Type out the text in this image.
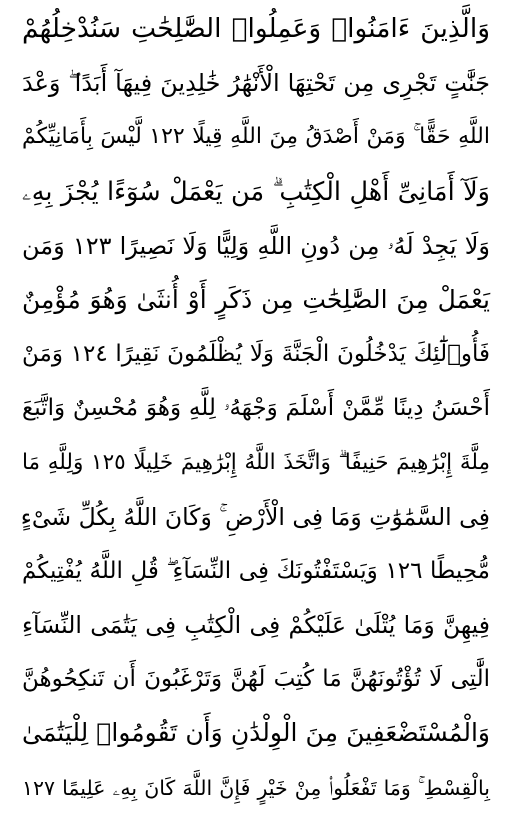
وَالَّذِينَ ءَامَنُوا۟ وَعَمِلُوا۟ الصَّٰلِحَٰتِ سَنُدْخِلُهُمْ
جَنَّٰتٍ تَجْرِى مِن تَحْتِهَا الْأَنْهَٰرُ خَٰلِدِينَ فِيهَآ أَبَدًا ۖ وَعْدَ
اللَّهِ حَقًّا ۚ وَمَنْ أَصْدَقُ مِنَ اللَّهِ قِيلًا ١٢٢ لَّيْسَ بِأَمَانِيِّكُمْ
وَلَآ أَمَانِىِّ أَهْلِ الْكِتَٰبِ ۗ مَن يَعْمَلْ سُوٓءًا يُجْزَ بِهِۦ
وَلَا يَجِدْ لَهُۥ مِن دُونِ اللَّهِ وَلِيًّا وَلَا نَصِيرًا ١٢٣ وَمَن
يَعْمَلْ مِنَ الصَّٰلِحَٰتِ مِن ذَكَرٍ أَوْ أُنثَىٰ وَهُوَ مُؤْمِنٌ
فَأُو۟لَٰٓئِكَ يَدْخُلُونَ الْجَنَّةَ وَلَا يُظْلَمُونَ نَقِيرًا ١٢٤ وَمَنْ
أَحْسَنُ دِينًا مِّمَّنْ أَسْلَمَ وَجْهَهُۥ لِلَّهِ وَهُوَ مُحْسِنٌ وَاتَّبَعَ
مِلَّةَ إِبْرَٰهِيمَ حَنِيفًا ۗ وَاتَّخَذَ اللَّهُ إِبْرَٰهِيمَ خَلِيلًا ١٢٥ وَلِلَّهِ مَا
فِى السَّمَٰوَٰتِ وَمَا فِى الْأَرْضِ ۚ وَكَانَ اللَّهُ بِكُلِّ شَىْءٍ
مُّحِيطًا ١٢٦ وَيَسْتَفْتُونَكَ فِى النِّسَآءِ ۖ قُلِ اللَّهُ يُفْتِيكُمْ
فِيهِنَّ وَمَا يُتْلَىٰ عَلَيْكُمْ فِى الْكِتَٰبِ فِى يَتَٰمَى النِّسَآءِ
الَّٰتِى لَا تُؤْتُونَهُنَّ مَا كُتِبَ لَهُنَّ وَتَرْغَبُونَ أَن تَنكِحُوهُنَّ
وَالْمُسْتَضْعَفِينَ مِنَ الْوِلْدَٰنِ وَأَن تَقُومُوا۟ لِلْيَتَٰمَىٰ
بِالْقِسْطِ ۚ وَمَا تَفْعَلُوا۟ مِنْ خَيْرٍ فَإِنَّ اللَّهَ كَانَ بِهِۦ عَلِيمًا ١٢٧
